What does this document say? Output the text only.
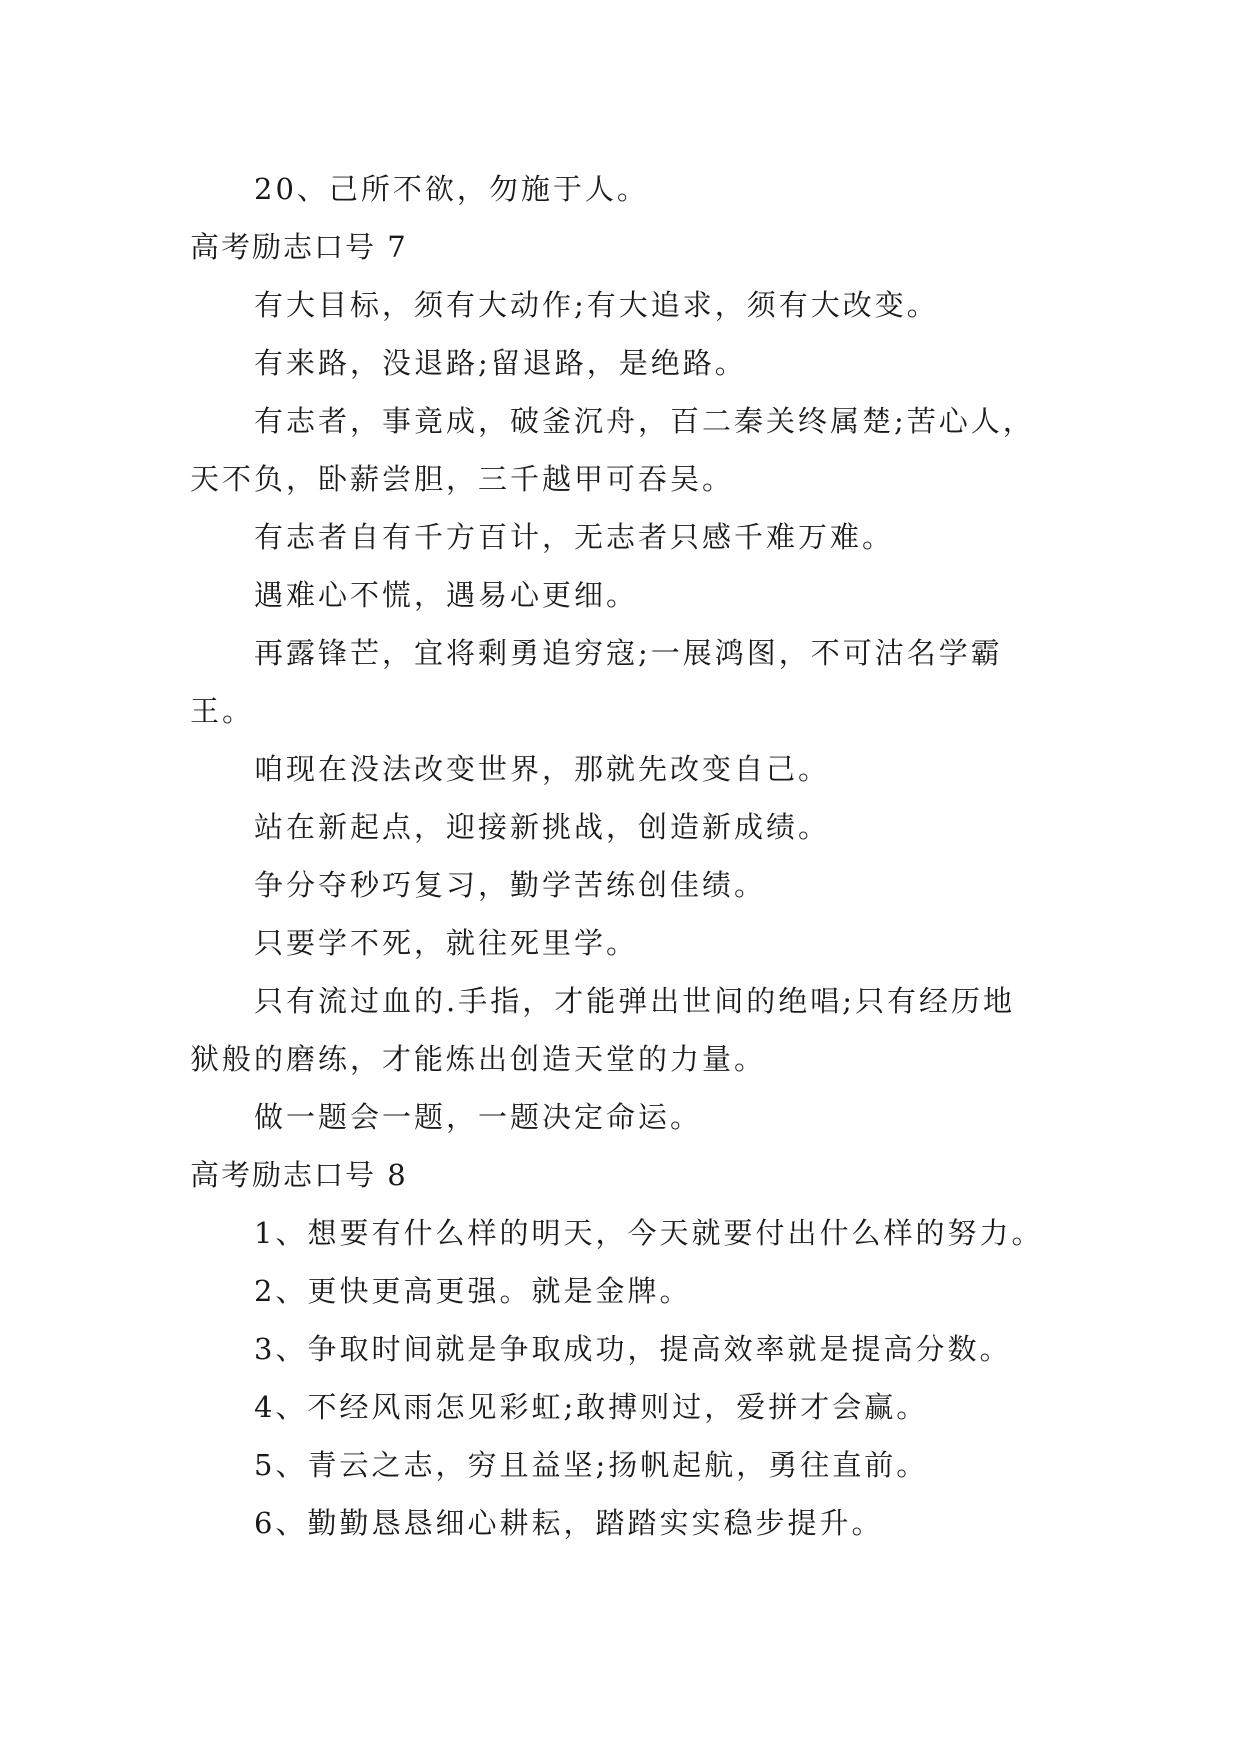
20、己所不欲，勿施于人。

高考励志口号 7

有大目标，须有大动作;有大追求，须有大改变。

有来路，没退路;留退路，是绝路。

有志者，事竟成，破釜沉舟，百二秦关终属楚;苦心人，

天不负，卧薪尝胆，三千越甲可吞吴。

有志者自有千方百计，无志者只感千难万难。

遇难心不慌，遇易心更细。

再露锋芒，宜将剩勇追穷寇;一展鸿图，不可沽名学霸

王。

咱现在没法改变世界，那就先改变自己。

站在新起点，迎接新挑战，创造新成绩。

争分夺秒巧复习，勤学苦练创佳绩。

只要学不死，就往死里学。

只有流过血的.手指，才能弹出世间的绝唱;只有经历地

狱般的磨练，才能炼出创造天堂的力量。

做一题会一题，一题决定命运。

高考励志口号 8

1、想要有什么样的明天，今天就要付出什么样的努力。

2、更快更高更强。就是金牌。

3、争取时间就是争取成功，提高效率就是提高分数。

4、不经风雨怎见彩虹;敢搏则过，爱拼才会赢。

5、青云之志，穷且益坚;扬帆起航，勇往直前。

6、勤勤恳恳细心耕耘，踏踏实实稳步提升。
